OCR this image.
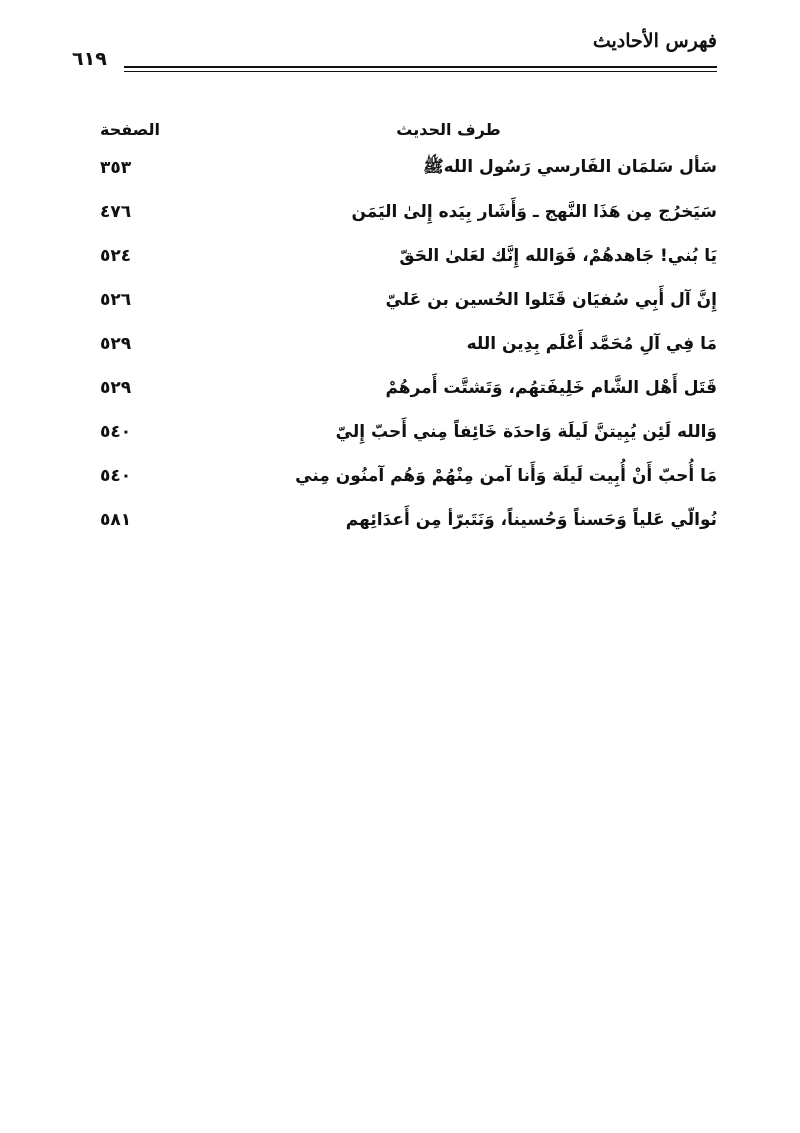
فهرس الأحاديث
٦١٩
طرف الحديث	الصفحة
سَأل سَلمَان الفَارسي رَسُول اللهﷺ	٣٥٣
سَيَخرُج مِن هَذَا النَّهج ـ وَأَشَار بِيَده إِلىٰ اليَمَن	٤٧٦
يَا بُني! جَاهدهُمْ، فَوَالله إِنَّك لعَلىٰ الحَقّ	٥٢٤
إِنَّ آل أَبِي سُفيَان قَتَلوا الحُسين بن عَليّ	٥٢٦
مَا فِي آلِ مُحَمَّد أَعْلَم بِدِين الله	٥٢٩
قَتَل أَهْل الشَّام خَلِيفَتهُم، وَتَشتَّت أَمرهُمْ	٥٢٩
وَالله لَئِن يُبِيتنَّ لَيلَة وَاحدَة خَائِفاً مِني أَحبّ إِليّ	٥٤٠
مَا أُحبّ أَنْ أُبِيت لَيلَة وَأَنا آمن مِنْهُمْ وَهُم آمنُون مِني	٥٤٠
نُوالّي عَلياً وَحَسناً وَحُسيناً، وَنَتَبرّأ مِن أَعدَائِهم	٥٨١
